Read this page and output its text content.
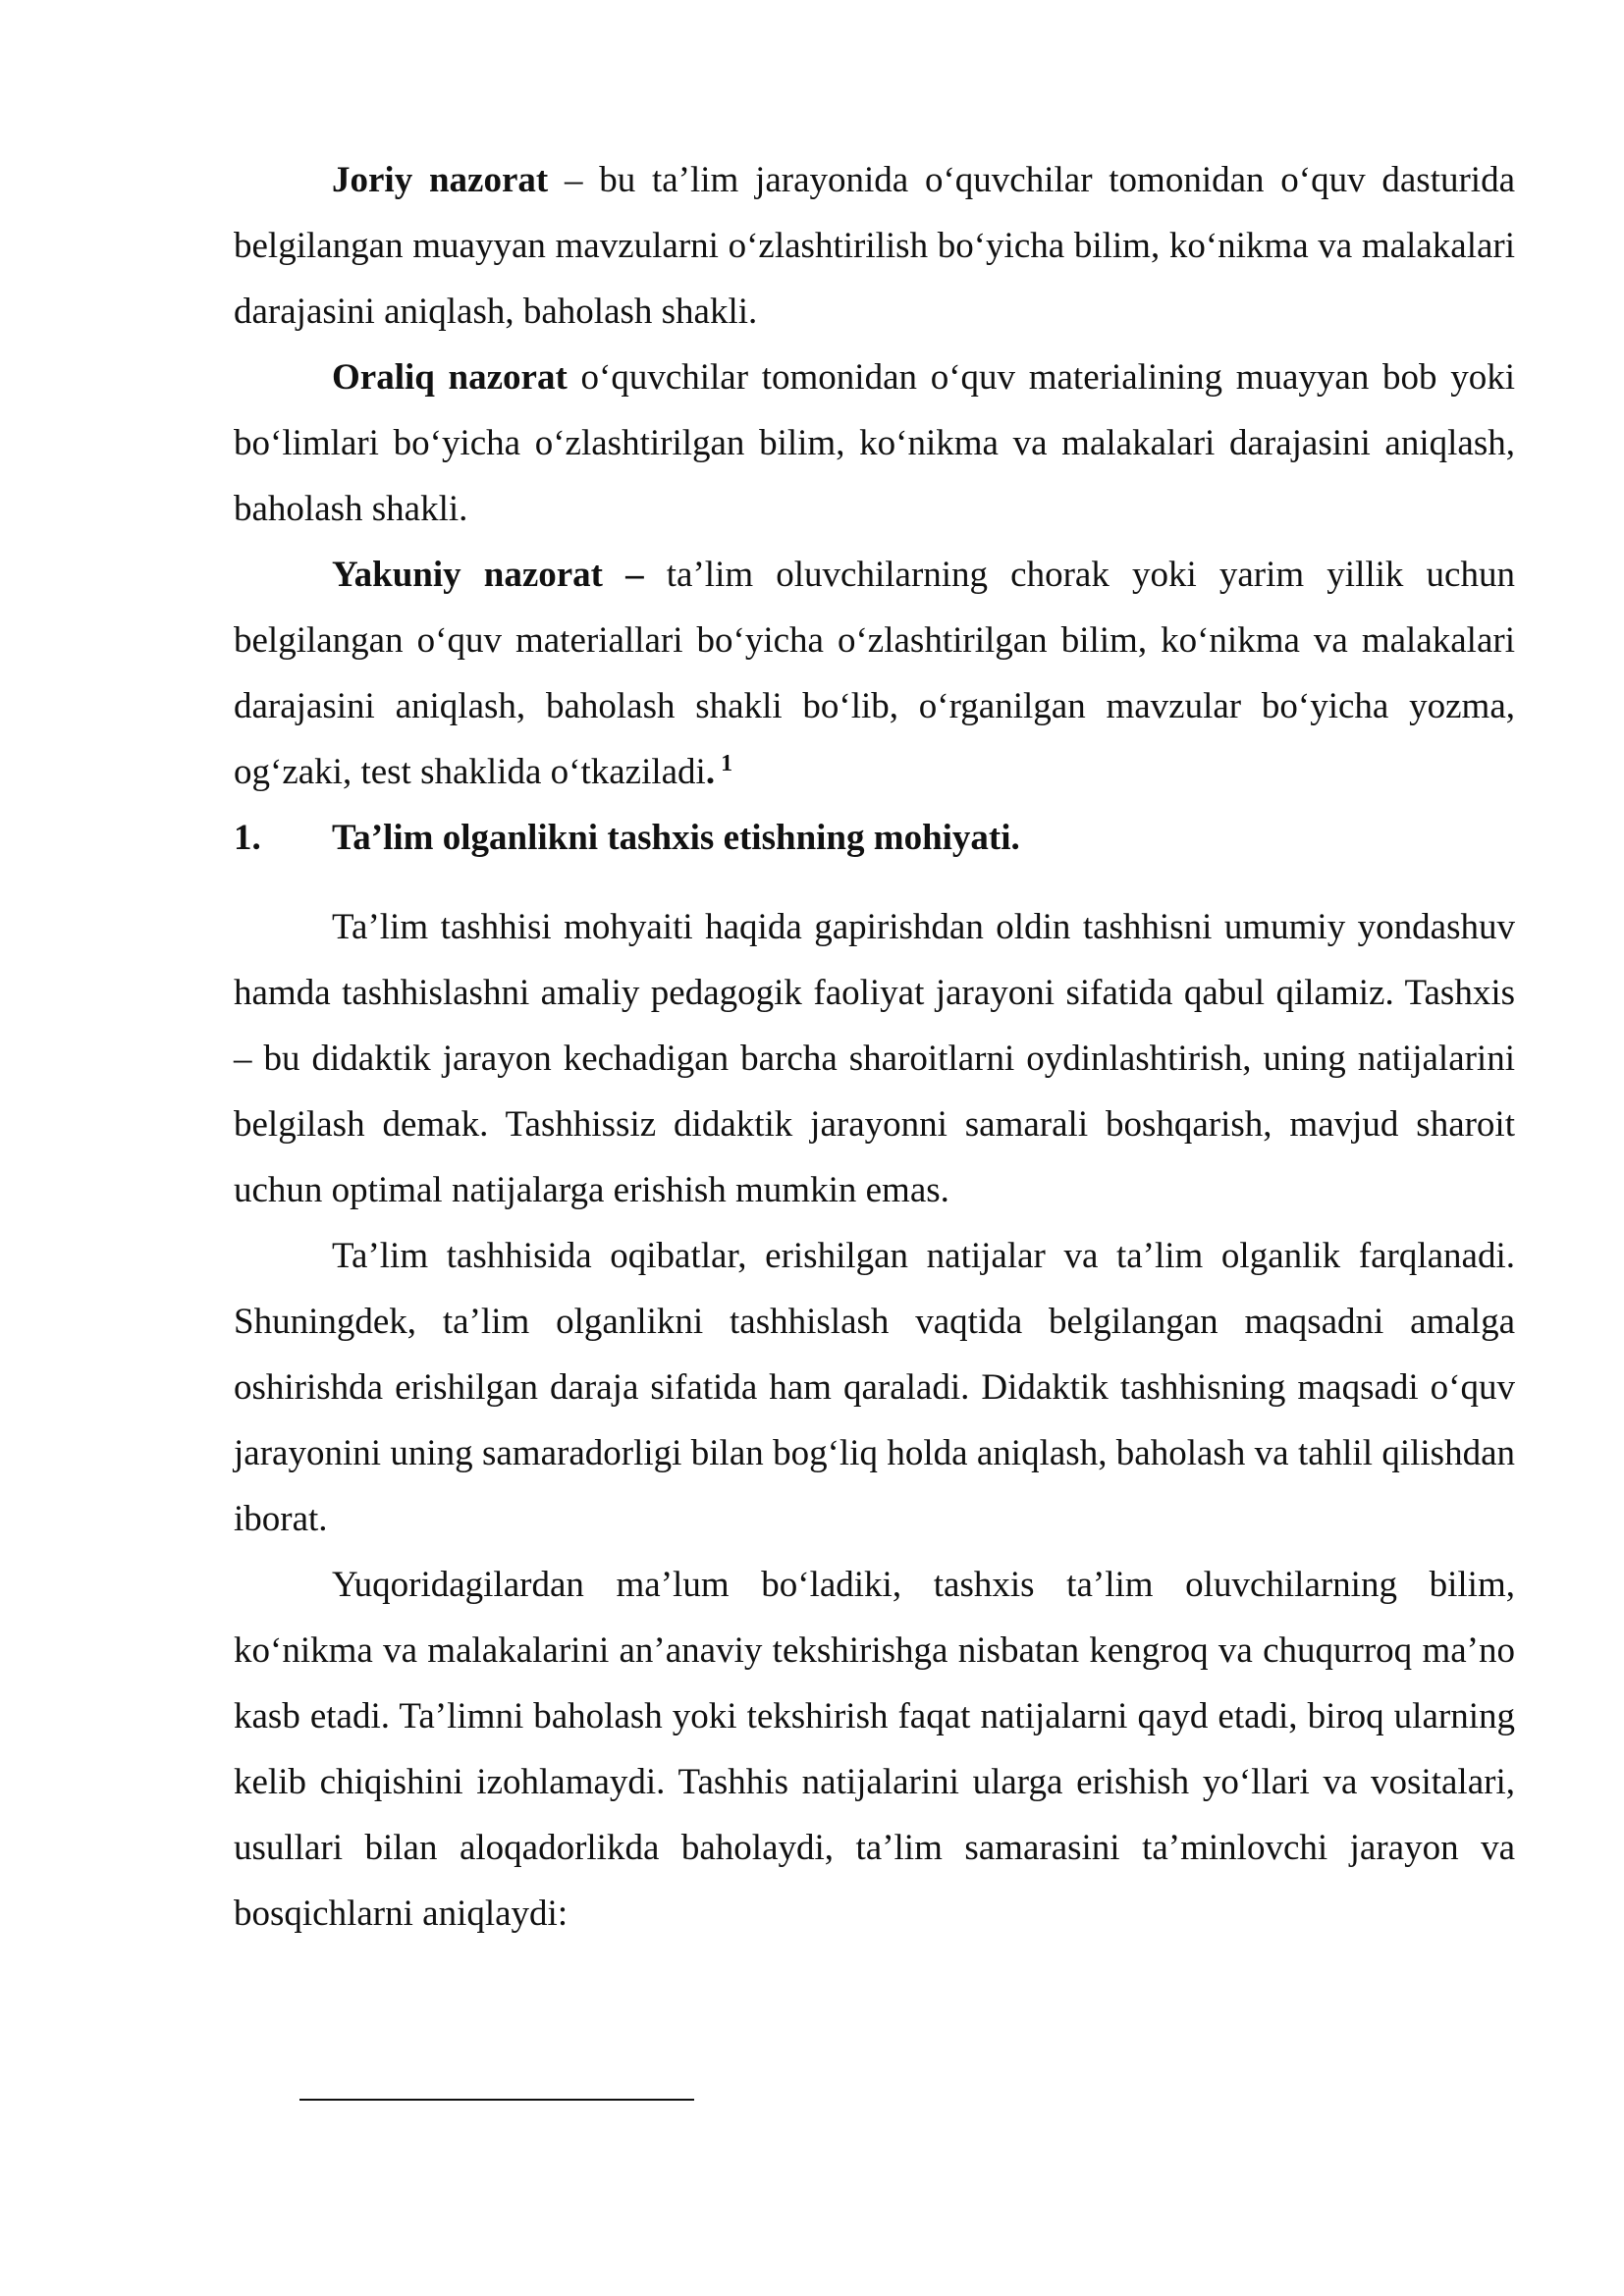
Joriy nazorat – bu ta’lim jarayonida o‘quvchilar tomonidan o‘quv dasturida belgilangan muayyan mavzularni o‘zlashtirilish bo‘yicha bilim, ko‘nikma va malakalari darajasini aniqlash, baholash shakli.

Oraliq nazorat o‘quvchilar tomonidan o‘quv materialining muayyan bob yoki bo‘limlari bo‘yicha o‘zlashtirilgan bilim, ko‘nikma va malakalari darajasini aniqlash, baholash shakli.

Yakuniy nazorat – ta’lim oluvchilarning chorak yoki yarim yillik uchun belgilangan o‘quv materiallari bo‘yicha o‘zlashtirilgan bilim, ko‘nikma va malakalari darajasini aniqlash, baholash shakli bo‘lib, o‘rganilgan mavzular bo‘yicha yozma, og‘zaki, test shaklida o‘tkaziladi. $^1$

1.	Ta’lim olganlikni tashxis etishning mohiyati.

Ta’lim tashhisi mohyaiti haqida gapirishdan oldin tashhisni umumiy yondashuv hamda tashhislashni amaliy pedagogik faoliyat jarayoni sifatida qabul qilamiz. Tashxis – bu didaktik jarayon kechadigan barcha sharoitlarni oydinlashtirish, uning natijalarini belgilash demak. Tashhissiz didaktik jarayonni samarali boshqarish, mavjud sharoit uchun optimal natijalarga erishish mumkin emas.

Ta’lim tashhisida oqibatlar, erishilgan natijalar va ta’lim olganlik farqlanadi. Shuningdek, ta’lim olganlikni tashhislash vaqtida belgilangan maqsadni amalga oshirishda erishilgan daraja sifatida ham qaraladi. Didaktik tashhisning maqsadi o‘quv jarayonini uning samaradorligi bilan bog‘liq holda aniqlash, baholash va tahlil qilishdan iborat.

Yuqoridagilardan ma’lum bo‘ladiki, tashxis ta’lim oluvchilarning bilim, ko‘nikma va malakalarini an’anaviy tekshirishga nisbatan kengroq va chuqurroq ma’no kasb etadi. Ta’limni baholash yoki tekshirish faqat natijalarni qayd etadi, biroq ularning kelib chiqishini izohlamaydi. Tashhis natijalarini ularga erishish yo‘llari va vositalari, usullari bilan aloqadorlikda baholaydi, ta’lim samarasini ta’minlovchi jarayon va bosqichlarni aniqlaydi:
